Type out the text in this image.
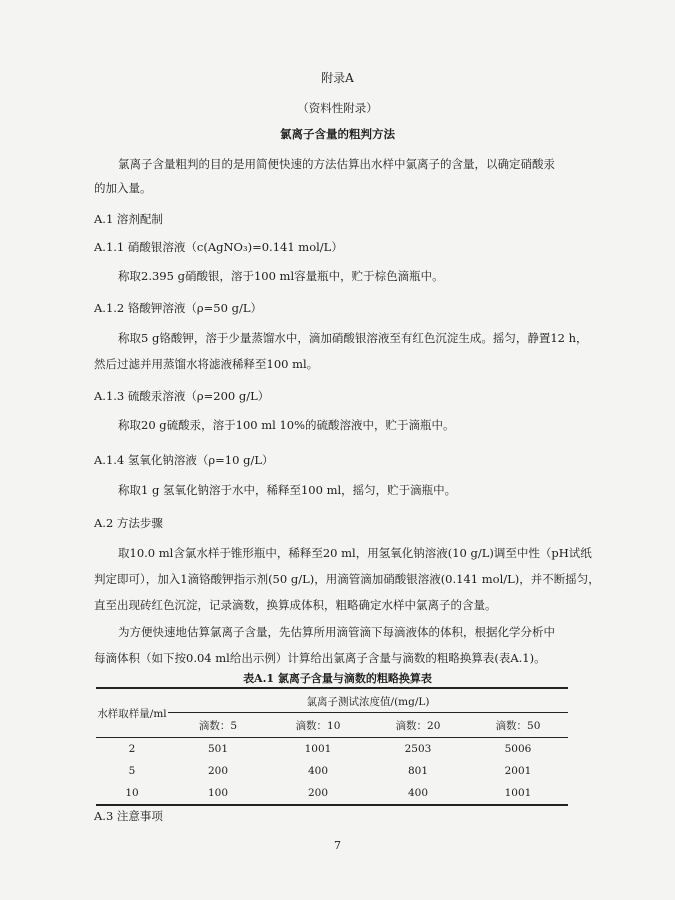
附录A
（资料性附录）
氯离子含量的粗判方法
氯离子含量粗判的目的是用简便快速的方法估算出水样中氯离子的含量，以确定硝酸汞
的加入量。
A.1 溶剂配制
A.1.1 硝酸银溶液（c(AgNO₃)=0.141 mol/L）
称取2.395 g硝酸银，溶于100 ml容量瓶中，贮于棕色滴瓶中。
A.1.2 铬酸钾溶液（ρ=50 g/L）
称取5 g铬酸钾，溶于少量蒸馏水中，滴加硝酸银溶液至有红色沉淀生成。摇匀，静置12 h，
然后过滤并用蒸馏水将滤液稀释至100 ml。
A.1.3 硫酸汞溶液（ρ=200 g/L）
称取20 g硫酸汞，溶于100 ml 10%的硫酸溶液中，贮于滴瓶中。
A.1.4 氢氧化钠溶液（ρ=10 g/L）
称取1 g 氢氧化钠溶于水中，稀释至100 ml，摇匀，贮于滴瓶中。
A.2 方法步骤
取10.0 ml含氯水样于锥形瓶中，稀释至20 ml，用氢氧化钠溶液(10 g/L)调至中性（pH试纸
判定即可），加入1滴铬酸钾指示剂(50 g/L)，用滴管滴加硝酸银溶液(0.141 mol/L)，并不断摇匀，
直至出现砖红色沉淀，记录滴数，换算成体积，粗略确定水样中氯离子的含量。
为方便快速地估算氯离子含量，先估算所用滴管滴下每滴液体的体积，根据化学分析中
每滴体积（如下按0.04 ml给出示例）计算给出氯离子含量与滴数的粗略换算表(表A.1)。
表A.1 氯离子含量与滴数的粗略换算表
水样取样量/ml	氯离子测试浓度值/(mg/L)			
	滴数：5	滴数：10	滴数：20	滴数：50
2	501	1001	2503	5006
5	200	400	801	2001
10	100	200	400	1001
A.3 注意事项
7
